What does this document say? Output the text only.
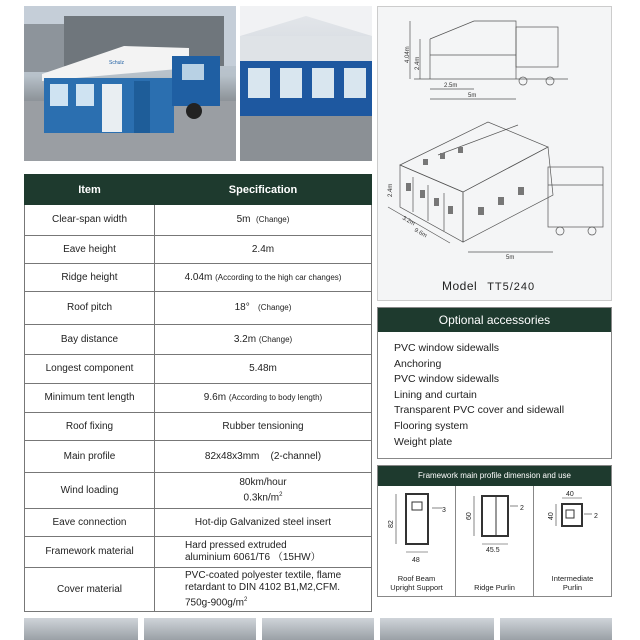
Schulz
Item	Specification
Clear-span width	5m (Change)
Eave height	2.4m
Ridge height	4.04m (According to the high car changes)
Roof pitch	18° (Change)
Bay distance	3.2m (Change)
Longest component	5.48m
Minimum tent length	9.6m (According to body length)
Roof fixing	Rubber tensioning
Main profile	82x48x3mm (2-channel)
Wind loading	80km/hour
$0.3kn/m^2$
Eave connection	Hot-dip Galvanized steel insert
Framework material	Hard pressed extruded
aluminium 6061/T6 （15HW）
Cover material	PVC-coated polyester textile, flame
retardant to DIN 4102 B1,M2,CFM.
$750g-900g/m^2$
4.04m
2.4m
2.5m
5m
2.4m
3.2m
9.6m
5m
Model TT5/240
Optional accessories
PVC window sidewalls
Anchoring
PVC window sidewalls
Lining and curtain
Transparent PVC cover and sidewall
Flooring system
Weight plate
Framework main profile dimension and use
82
48
3
Roof Beam
Upright Support
60
45.5
2
Ridge Purlin

40
40
2
Intermediate
Purlin
